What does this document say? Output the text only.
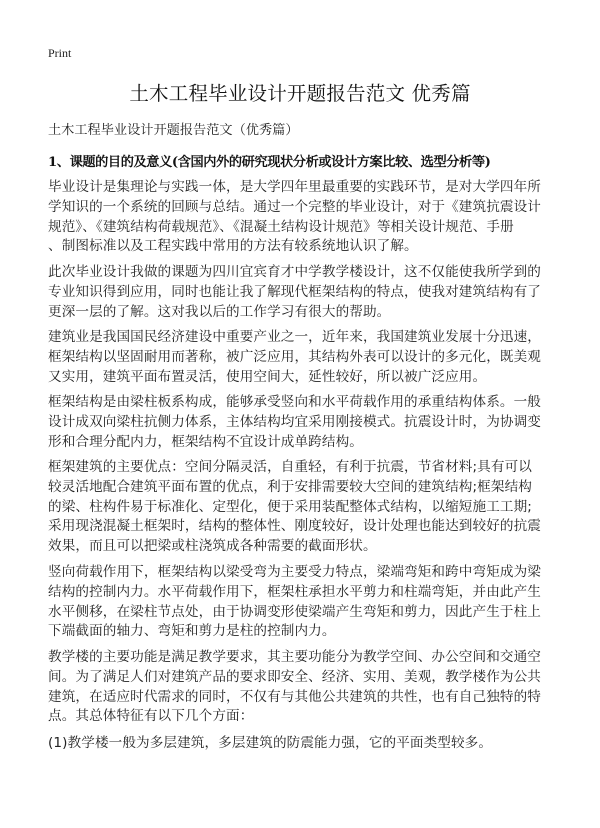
Print
土木工程毕业设计开题报告范文 优秀篇
土木工程毕业设计开题报告范文（优秀篇）
1、课题的目的及意义(含国内外的研究现状分析或设计方案比较、选型分析等)

毕业设计是集理论与实践一体，是大学四年里最重要的实践环节，是对大学四年所
学知识的一个系统的回顾与总结。通过一个完整的毕业设计，对于《建筑抗震设计
规范》、《建筑结构荷载规范》、《混凝土结构设计规范》等相关设计规范、手册
、制图标准以及工程实践中常用的方法有较系统地认识了解。

此次毕业设计我做的课题为四川宜宾育才中学教学楼设计，这不仅能使我所学到的
专业知识得到应用，同时也能让我了解现代框架结构的特点，使我对建筑结构有了
更深一层的了解。这对我以后的工作学习有很大的帮助。

建筑业是我国国民经济建设中重要产业之一，近年来，我国建筑业发展十分迅速，
框架结构以坚固耐用而著称，被广泛应用，其结构外表可以设计的多元化，既美观
又实用，建筑平面布置灵活，使用空间大，延性较好，所以被广泛应用。

框架结构是由梁柱板系构成，能够承受竖向和水平荷载作用的承重结构体系。一般
设计成双向梁柱抗侧力体系，主体结构均宜采用刚接模式。抗震设计时，为协调变
形和合理分配内力，框架结构不宜设计成单跨结构。

框架建筑的主要优点：空间分隔灵活，自重轻，有利于抗震，节省材料;具有可以
较灵活地配合建筑平面布置的优点，利于安排需要较大空间的建筑结构;框架结构
的梁、柱构件易于标准化、定型化，便于采用装配整体式结构，以缩短施工工期;
采用现浇混凝土框架时，结构的整体性、刚度较好，设计处理也能达到较好的抗震
效果，而且可以把梁或柱浇筑成各种需要的截面形状。

竖向荷载作用下，框架结构以梁受弯为主要受力特点，梁端弯矩和跨中弯矩成为梁
结构的控制内力。水平荷载作用下，框架柱承担水平剪力和柱端弯矩，并由此产生
水平侧移，在梁柱节点处，由于协调变形使梁端产生弯矩和剪力，因此产生于柱上
下端截面的轴力、弯矩和剪力是柱的控制内力。

教学楼的主要功能是满足教学要求，其主要功能分为教学空间、办公空间和交通空
间。为了满足人们对建筑产品的要求即安全、经济、实用、美观，教学楼作为公共
建筑，在适应时代需求的同时，不仅有与其他公共建筑的共性，也有自己独特的特
点。其总体特征有以下几个方面：

(1)教学楼一般为多层建筑，多层建筑的防震能力强，它的平面类型较多。
